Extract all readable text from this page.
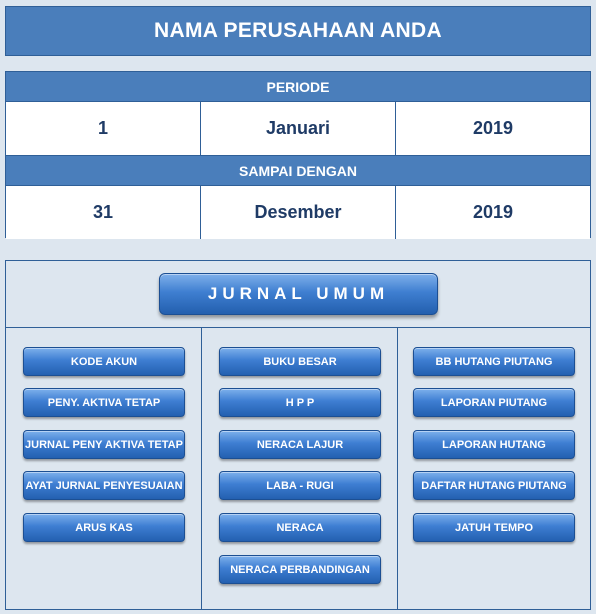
NAMA PERUSAHAAN ANDA
PERIODE
1	Januari	2019
SAMPAI DENGAN
31	Desember	2019
JURNAL UMUM
KODE AKUN
PENY. AKTIVA TETAP
JURNAL PENY AKTIVA TETAP
AYAT JURNAL PENYESUAIAN
ARUS KAS
BUKU BESAR
H P P
NERACA LAJUR
LABA - RUGI
NERACA
NERACA PERBANDINGAN
BB HUTANG PIUTANG
LAPORAN PIUTANG
LAPORAN HUTANG
DAFTAR HUTANG PIUTANG
JATUH TEMPO
